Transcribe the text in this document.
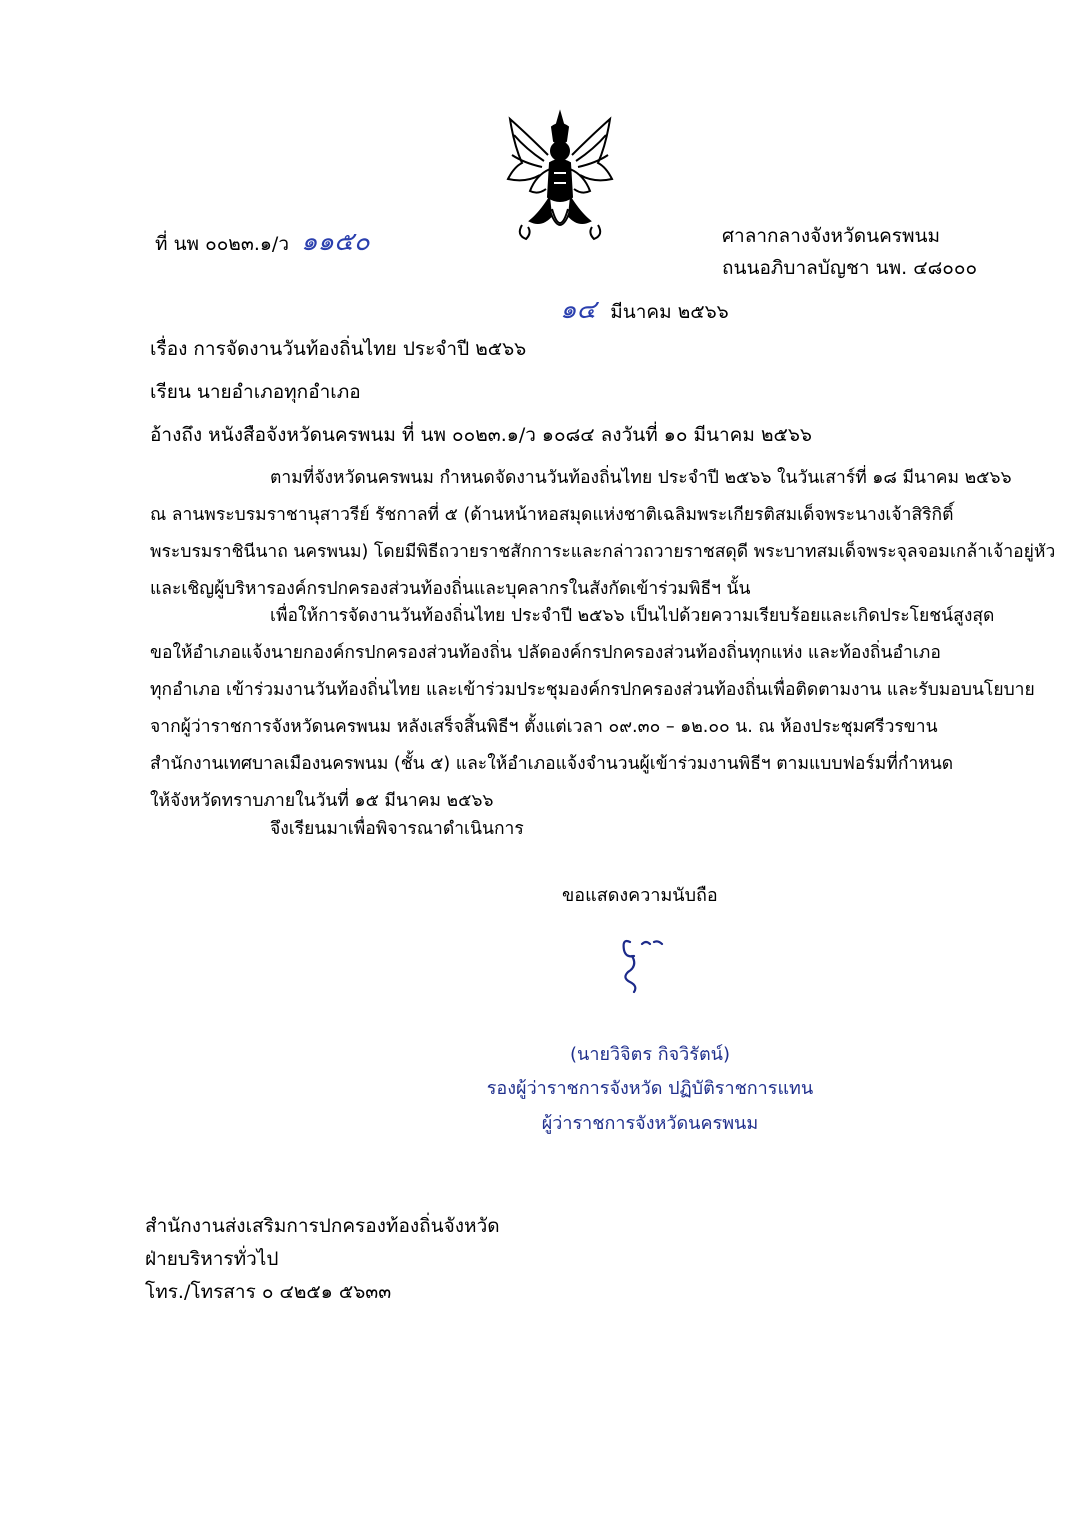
ที่ นพ ๐๐๒๓.๑/ว ๑๑๕๐	ศาลากลางจังหวัดนครพนม
ถนนอภิบาลบัญชา นพ. ๔๘๐๐๐
๑๔ มีนาคม ๒๕๖๖
เรื่อง การจัดงานวันท้องถิ่นไทย ประจำปี ๒๕๖๖
เรียน นายอำเภอทุกอำเภอ
อ้างถึง หนังสือจังหวัดนครพนม ที่ นพ ๐๐๒๓.๑/ว ๑๐๘๔ ลงวันที่ ๑๐ มีนาคม ๒๕๖๖
ตามที่จังหวัดนครพนม กำหนดจัดงานวันท้องถิ่นไทย ประจำปี ๒๕๖๖ ในวันเสาร์ที่ ๑๘ มีนาคม ๒๕๖๖
ณ ลานพระบรมราชานุสาวรีย์ รัชกาลที่ ๕ (ด้านหน้าหอสมุดแห่งชาติเฉลิมพระเกียรติสมเด็จพระนางเจ้าสิริกิติ์
พระบรมราชินีนาถ นครพนม) โดยมีพิธีถวายราชสักการะและกล่าวถวายราชสดุดี พระบาทสมเด็จพระจุลจอมเกล้าเจ้าอยู่หัว
และเชิญผู้บริหารองค์กรปกครองส่วนท้องถิ่นและบุคลากรในสังกัดเข้าร่วมพิธีฯ นั้น
เพื่อให้การจัดงานวันท้องถิ่นไทย ประจำปี ๒๕๖๖ เป็นไปด้วยความเรียบร้อยและเกิดประโยชน์สูงสุด
ขอให้อำเภอแจ้งนายกองค์กรปกครองส่วนท้องถิ่น ปลัดองค์กรปกครองส่วนท้องถิ่นทุกแห่ง และท้องถิ่นอำเภอ
ทุกอำเภอ เข้าร่วมงานวันท้องถิ่นไทย และเข้าร่วมประชุมองค์กรปกครองส่วนท้องถิ่นเพื่อติดตามงาน และรับมอบนโยบาย
จากผู้ว่าราชการจังหวัดนครพนม หลังเสร็จสิ้นพิธีฯ ตั้งแต่เวลา ๐๙.๓๐ – ๑๒.๐๐ น. ณ ห้องประชุมศรีวรขาน
สำนักงานเทศบาลเมืองนครพนม (ชั้น ๕) และให้อำเภอแจ้งจำนวนผู้เข้าร่วมงานพิธีฯ ตามแบบฟอร์มที่กำหนด
ให้จังหวัดทราบภายในวันที่ ๑๕ มีนาคม ๒๕๖๖
จึงเรียนมาเพื่อพิจารณาดำเนินการ
ขอแสดงความนับถือ
(นายวิจิตร กิจวิรัตน์)
รองผู้ว่าราชการจังหวัด ปฏิบัติราชการแทน
ผู้ว่าราชการจังหวัดนครพนม
สำนักงานส่งเสริมการปกครองท้องถิ่นจังหวัด
ฝ่ายบริหารทั่วไป
โทร./โทรสาร ๐ ๔๒๕๑ ๕๖๓๓
